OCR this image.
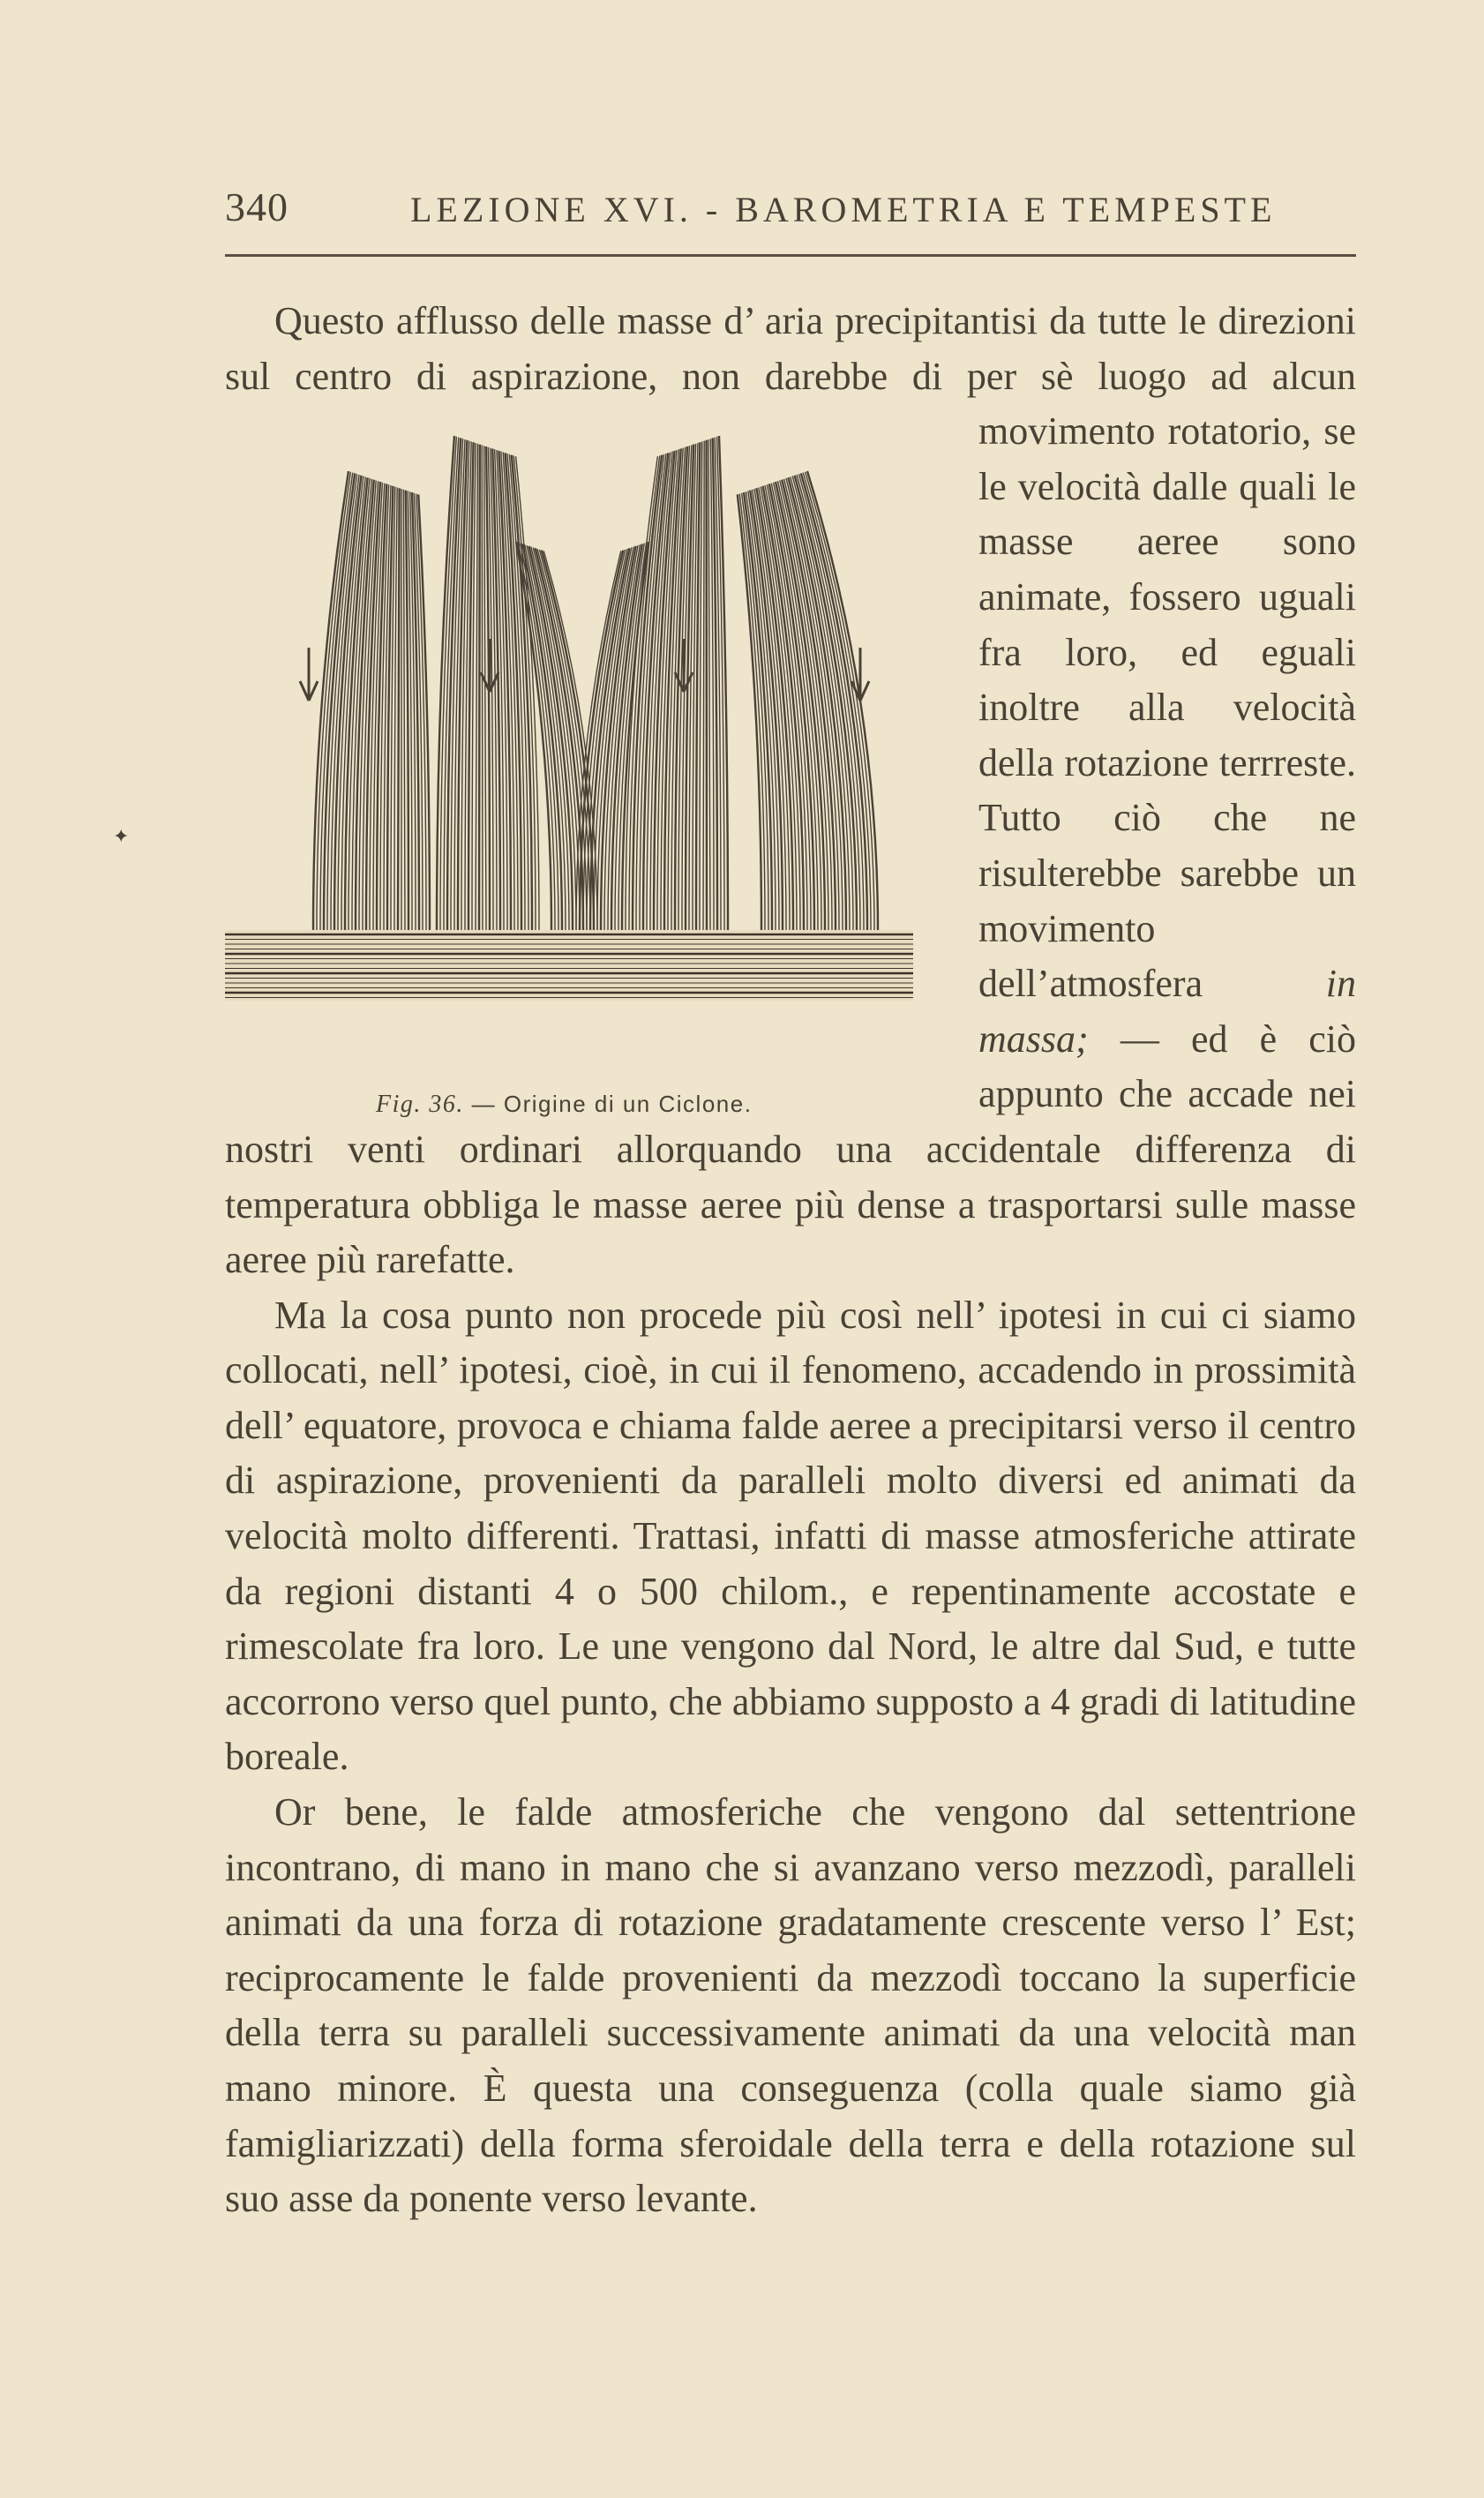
340	LEZIONE XVI. - BAROMETRIA E TEMPESTE
✦

Questo afflusso delle masse d’ aria precipitantisi da tutte le direzioni sul centro di aspirazione, non darebbe di per sè luogo
Fig. 36. — Origine di un Ciclone.
ad alcun movimento rotatorio, se le velocità dalle quali le masse aeree sono animate, fossero uguali fra loro, ed eguali inoltre alla velocità della rotazione terrreste. Tutto ciò che ne risulterebbe sarebbe un movimento dell’atmosfera in massa; — ed è ciò appunto che accade nei nostri venti ordinari allorquando una accidentale differenza di temperatura obbliga le masse aeree più dense a trasportarsi sulle masse aeree più rarefatte.

Ma la cosa punto non procede più così nell’ ipotesi in cui ci siamo collocati, nell’ ipotesi, cioè, in cui il fenomeno, accadendo in prossimità dell’ equatore, provoca e chiama falde aeree a precipitarsi verso il centro di aspirazione, provenienti da paralleli molto diversi ed animati da velocità molto differenti. Trattasi, infatti di masse atmosferiche attirate da regioni distanti 4 o 500 chilom., e repentinamente accostate e rimescolate fra loro. Le une vengono dal Nord, le altre dal Sud, e tutte accorrono verso quel punto, che abbiamo supposto a 4 gradi di latitudine boreale.

Or bene, le falde atmosferiche che vengono dal settentrione incontrano, di mano in mano che si avanzano verso mezzodì, paralleli animati da una forza di rotazione gradatamente crescente verso l’ Est; reciprocamente le falde provenienti da mezzodì toccano la superficie della terra su paralleli successivamente animati da una velocità man mano minore. È questa una conseguenza (colla quale siamo già famigliarizzati) della forma sferoidale della terra e della rotazione sul suo asse da ponente verso levante.
